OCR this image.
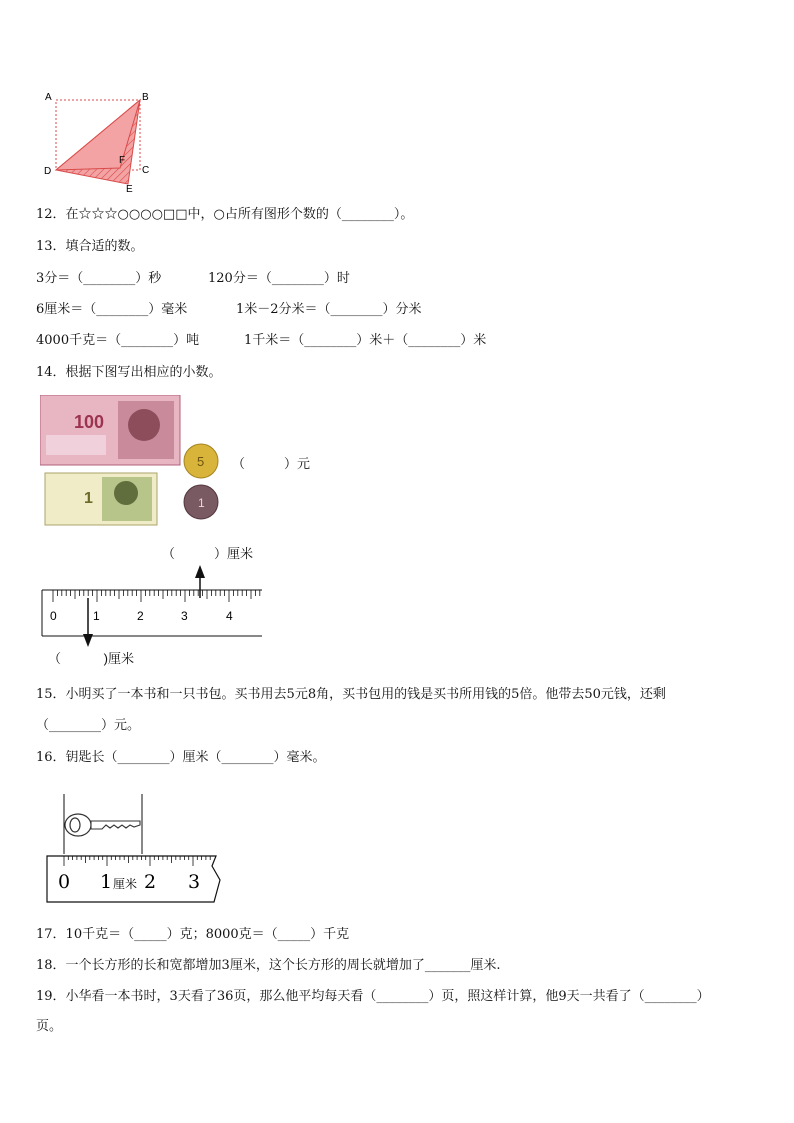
A	B
C
D
E
F
12．在☆☆☆○○○○□□中，○占所有图形个数的（________）。
13．填合适的数。
3分＝（________）秒	120分＝（________）时
6厘米＝（________）毫米	1米－2分米＝（________）分米
4000千克＝（________）吨	1千米＝（________）米＋（________）米
14．根据下图写出相应的小数。
100
1
5
1
（　　　）元
（　　　）厘米
0	1	2	3	4
（　　　 )厘米
15．小明买了一本书和一只书包。买书用去5元8角，买书包用的钱是买书所用钱的5倍。他带去50元钱，还剩
（________）元。
16．钥匙长（________）厘米（________）毫米。
0 1 厘米 2 3
17．10千克＝（_____）克；8000克＝（_____）千克
18．一个长方形的长和宽都增加3厘米，这个长方形的周长就增加了_______厘米.
19．小华看一本书时，3天看了36页，那么他平均每天看（________）页，照这样计算，他9天一共看了（________）
页。
